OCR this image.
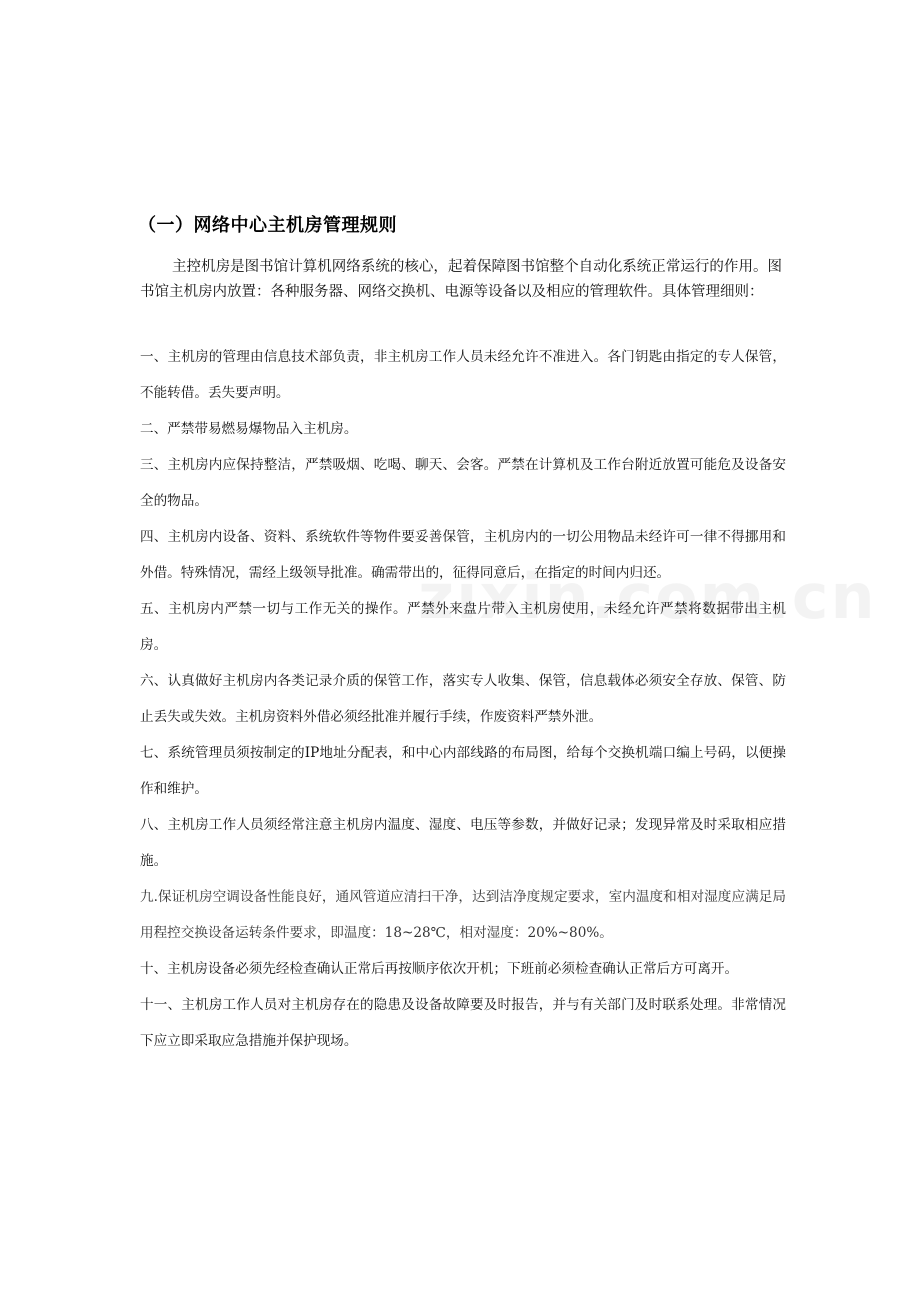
（一）网络中心主机房管理规则
主控机房是图书馆计算机网络系统的核心，起着保障图书馆整个自动化系统正常运行的作用。图书馆主机房内放置：各种服务器、网络交换机、电源等设备以及相应的管理软件。具体管理细则：
一、主机房的管理由信息技术部负责，非主机房工作人员未经允许不准进入。各门钥匙由指定的专人保管，不能转借。丢失要声明。
二、严禁带易燃易爆物品入主机房。
三、主机房内应保持整洁，严禁吸烟、吃喝、聊天、会客。严禁在计算机及工作台附近放置可能危及设备安全的物品。
四、主机房内设备、资料、系统软件等物件要妥善保管，主机房内的一切公用物品未经许可一律不得挪用和外借。特殊情况，需经上级领导批准。确需带出的，征得同意后，在指定的时间内归还。
五、主机房内严禁一切与工作无关的操作。严禁外来盘片带入主机房使用，未经允许严禁将数据带出主机房。
六、认真做好主机房内各类记录介质的保管工作，落实专人收集、保管，信息载体必须安全存放、保管、防止丢失或失效。主机房资料外借必须经批准并履行手续，作废资料严禁外泄。
七、系统管理员须按制定的IP地址分配表，和中心内部线路的布局图，给每个交换机端口编上号码，以便操作和维护。
八、主机房工作人员须经常注意主机房内温度、湿度、电压等参数，并做好记录；发现异常及时采取相应措施。
九.保证机房空调设备性能良好，通风管道应清扫干净，达到洁净度规定要求，室内温度和相对湿度应满足局用程控交换设备运转条件要求，即温度：18~28℃，相对湿度：20%~80%。
十、主机房设备必须先经检查确认正常后再按顺序依次开机；下班前必须检查确认正常后方可离开。
十一、主机房工作人员对主机房存在的隐患及设备故障要及时报告，并与有关部门及时联系处理。非常情况下应立即采取应急措施并保护现场。
